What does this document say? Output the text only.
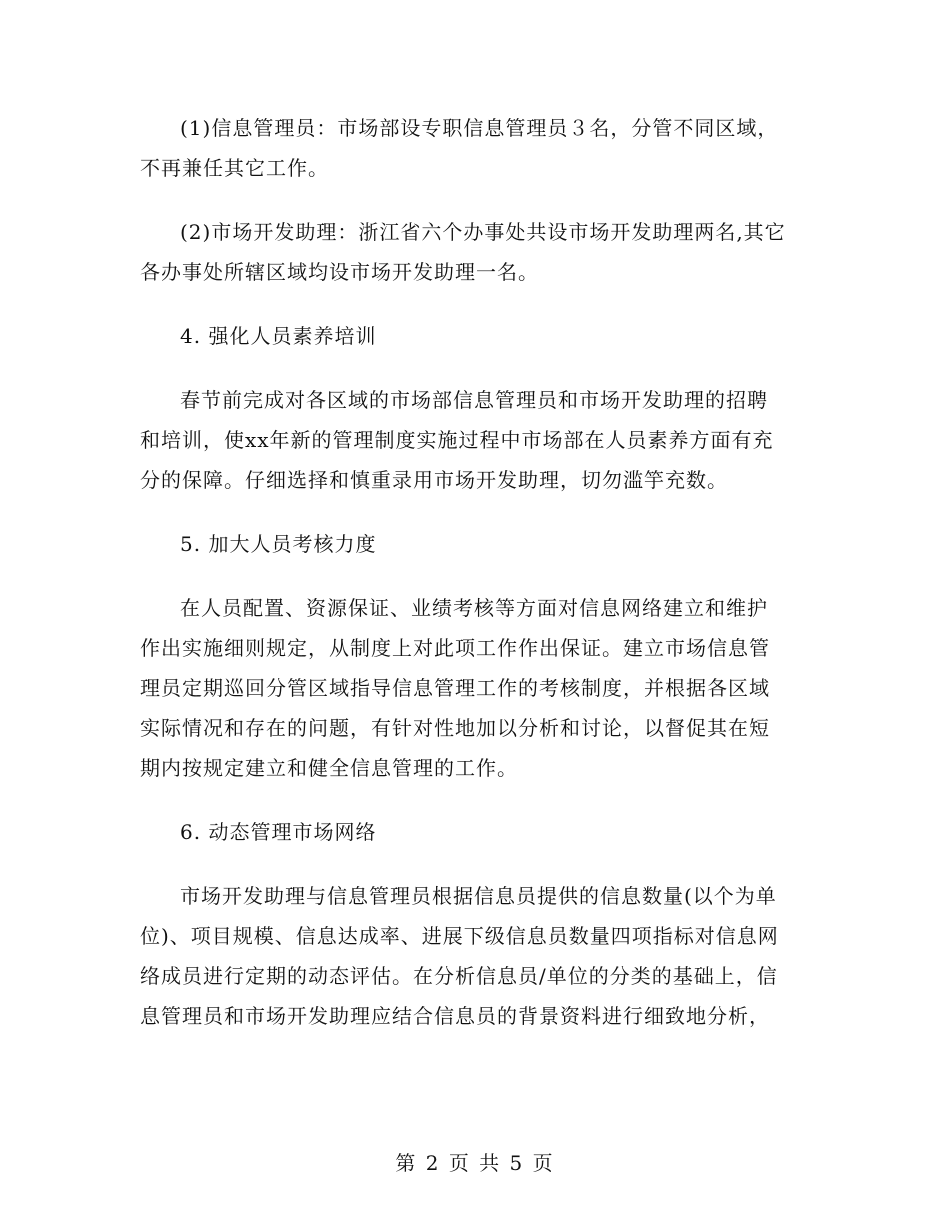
(1)信息管理员：市场部设专职信息管理员３名，分管不同区域，
不再兼任其它工作。
(2)市场开发助理：浙江省六个办事处共设市场开发助理两名,其它
各办事处所辖区域均设市场开发助理一名。
4. 强化人员素养培训
春节前完成对各区域的市场部信息管理员和市场开发助理的招聘
和培训，使xx年新的管理制度实施过程中市场部在人员素养方面有充
分的保障。仔细选择和慎重录用市场开发助理，切勿滥竽充数。
5. 加大人员考核力度
在人员配置、资源保证、业绩考核等方面对信息网络建立和维护
作出实施细则规定，从制度上对此项工作作出保证。建立市场信息管
理员定期巡回分管区域指导信息管理工作的考核制度，并根据各区域
实际情况和存在的问题，有针对性地加以分析和讨论，以督促其在短
期内按规定建立和健全信息管理的工作。
6. 动态管理市场网络
市场开发助理与信息管理员根据信息员提供的信息数量(以个为单
位)、项目规模、信息达成率、进展下级信息员数量四项指标对信息网
络成员进行定期的动态评估。在分析信息员/单位的分类的基础上，信
息管理员和市场开发助理应结合信息员的背景资料进行细致地分析，
第 2 页 共 5 页
